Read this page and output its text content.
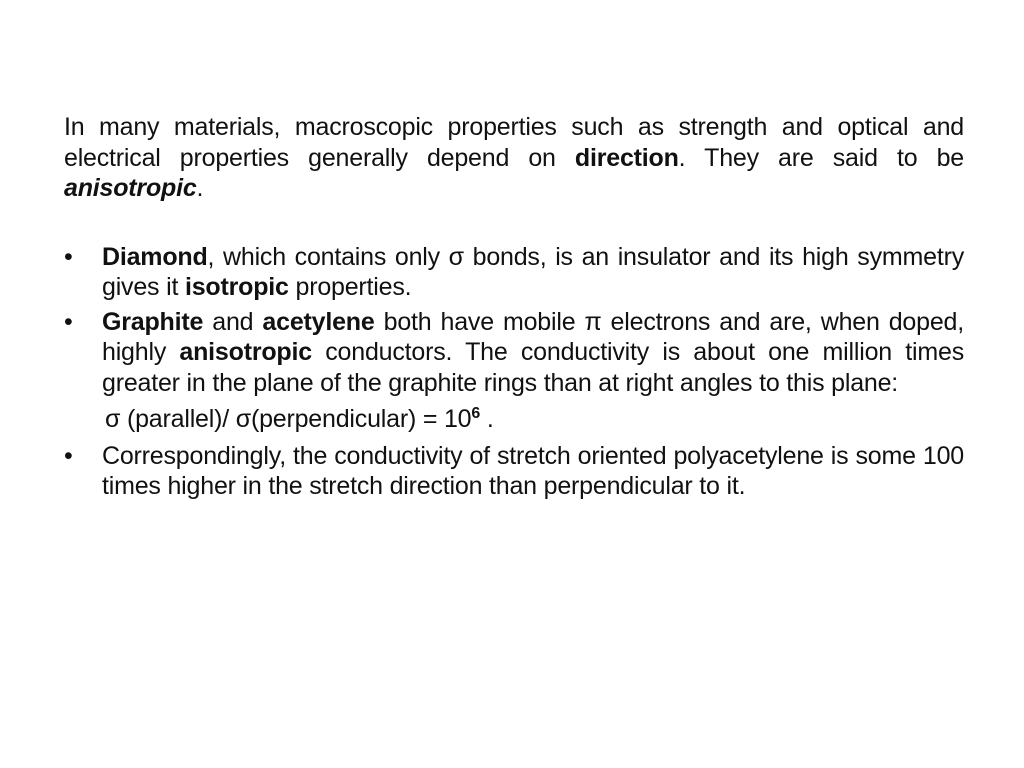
In many materials, macroscopic properties such as strength and optical and electrical properties generally depend on direction. They are said to be anisotropic.

•	Diamond, which contains only σ bonds, is an insulator and its high symmetry gives it isotropic properties.
•	Graphite and acetylene both have mobile π electrons and are, when doped, highly anisotropic conductors. The conductivity is about one million times greater in the plane of the graphite rings than at right angles to this plane:
σ (parallel)/ σ(perpendicular) = $10^6$ .
•	Correspondingly, the conductivity of stretch oriented polyacetylene is some 100 times higher in the stretch direction than perpendicular to it.
